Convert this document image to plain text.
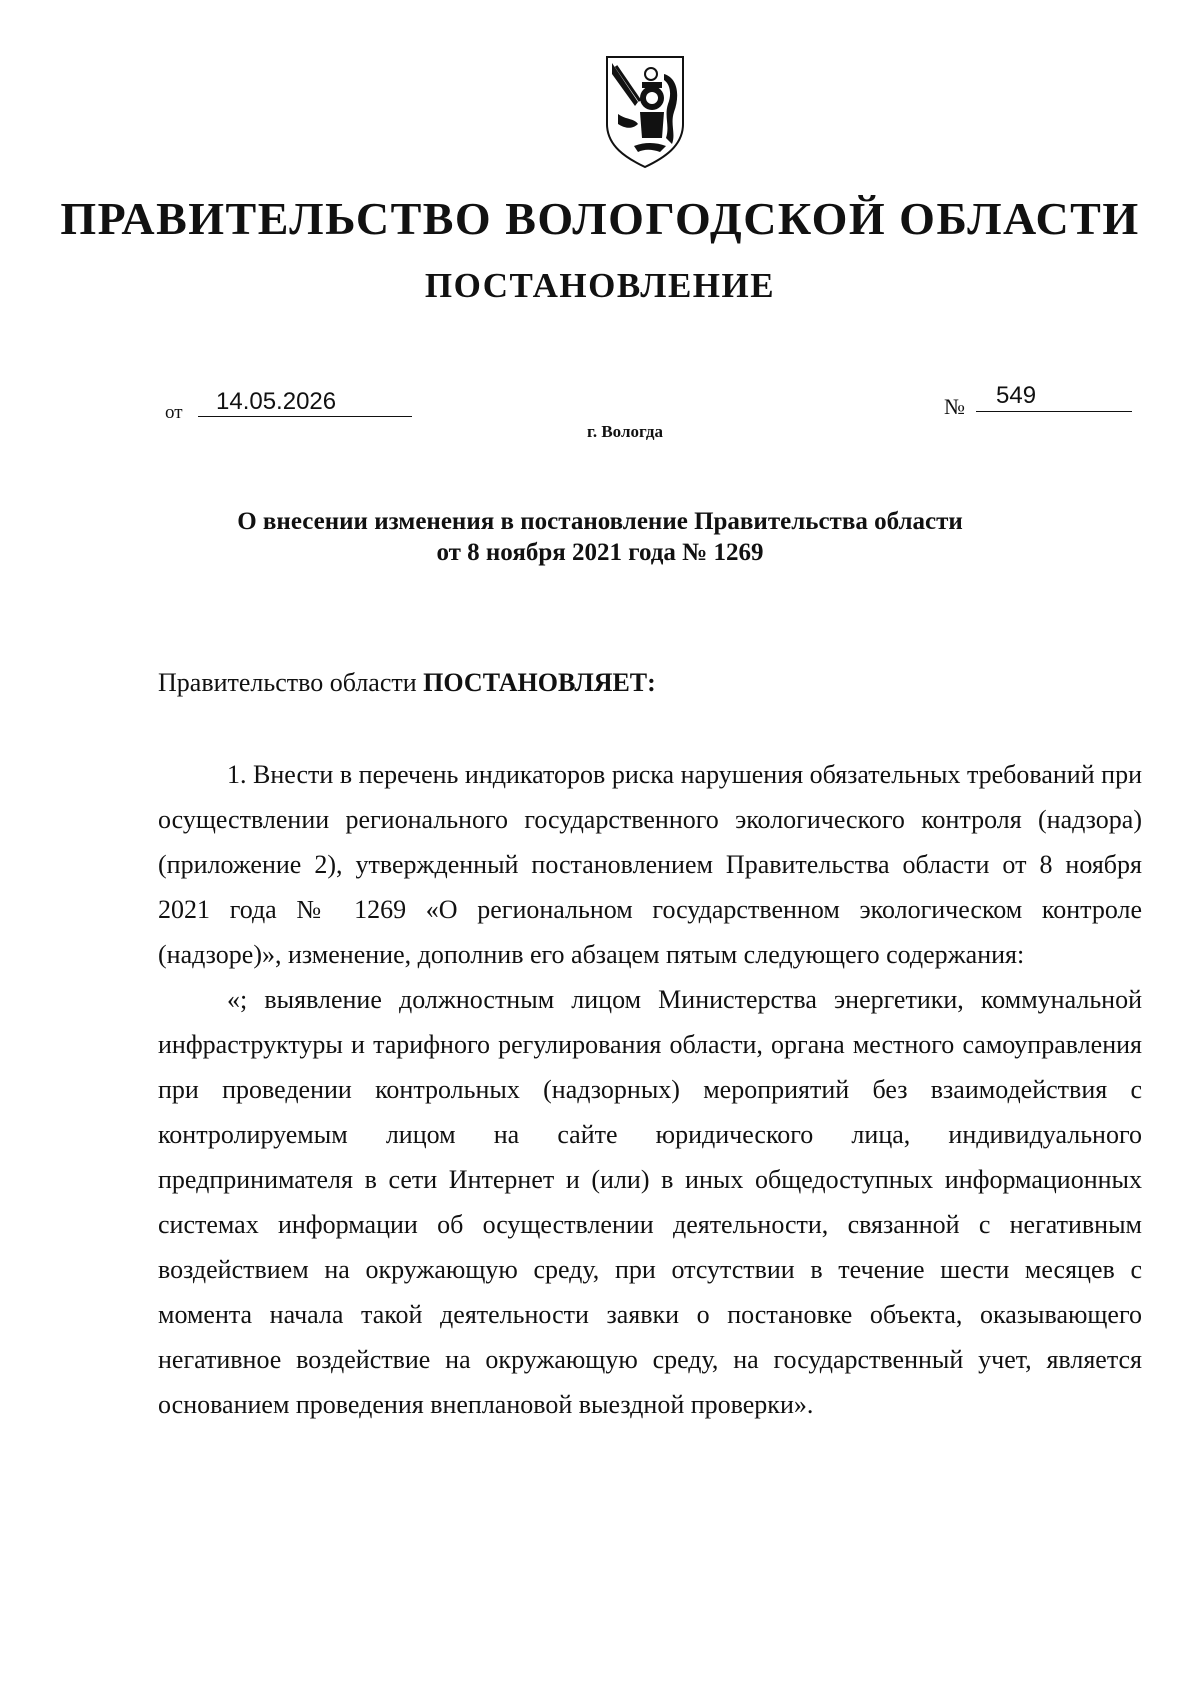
ПРАВИТЕЛЬСТВО ВОЛОГОДСКОЙ ОБЛАСТИ
ПОСТАНОВЛЕНИЕ
от 14.05.2026	№ 549
г. Вологда
О внесении изменения в постановление Правительства области
от 8 ноября 2021 года № 1269
Правительство области ПОСТАНОВЛЯЕТ:

1. Внести в перечень индикаторов риска нарушения обязательных требований при осуществлении регионального государственного экологического контроля (надзора) (приложение 2), утвержденный постановлением Правительства области от 8 ноября 2021 года № 1269 «О региональном государственном экологическом контроле (надзоре)», изменение, дополнив его абзацем пятым следующего содержания:

«; выявление должностным лицом Министерства энергетики, коммунальной инфраструктуры и тарифного регулирования области, органа местного самоуправления при проведении контрольных (надзорных) мероприятий без взаимодействия с контролируемым лицом на сайте юридического лица, индивидуального предпринимателя в сети Интернет и (или) в иных общедоступных информационных системах информации об осуществлении деятельности, связанной с негативным воздействием на окружающую среду, при отсутствии в течение шести месяцев с момента начала такой деятельности заявки о постановке объекта, оказывающего негативное воздействие на окружающую среду, на государственный учет, является основанием проведения внеплановой выездной проверки».
